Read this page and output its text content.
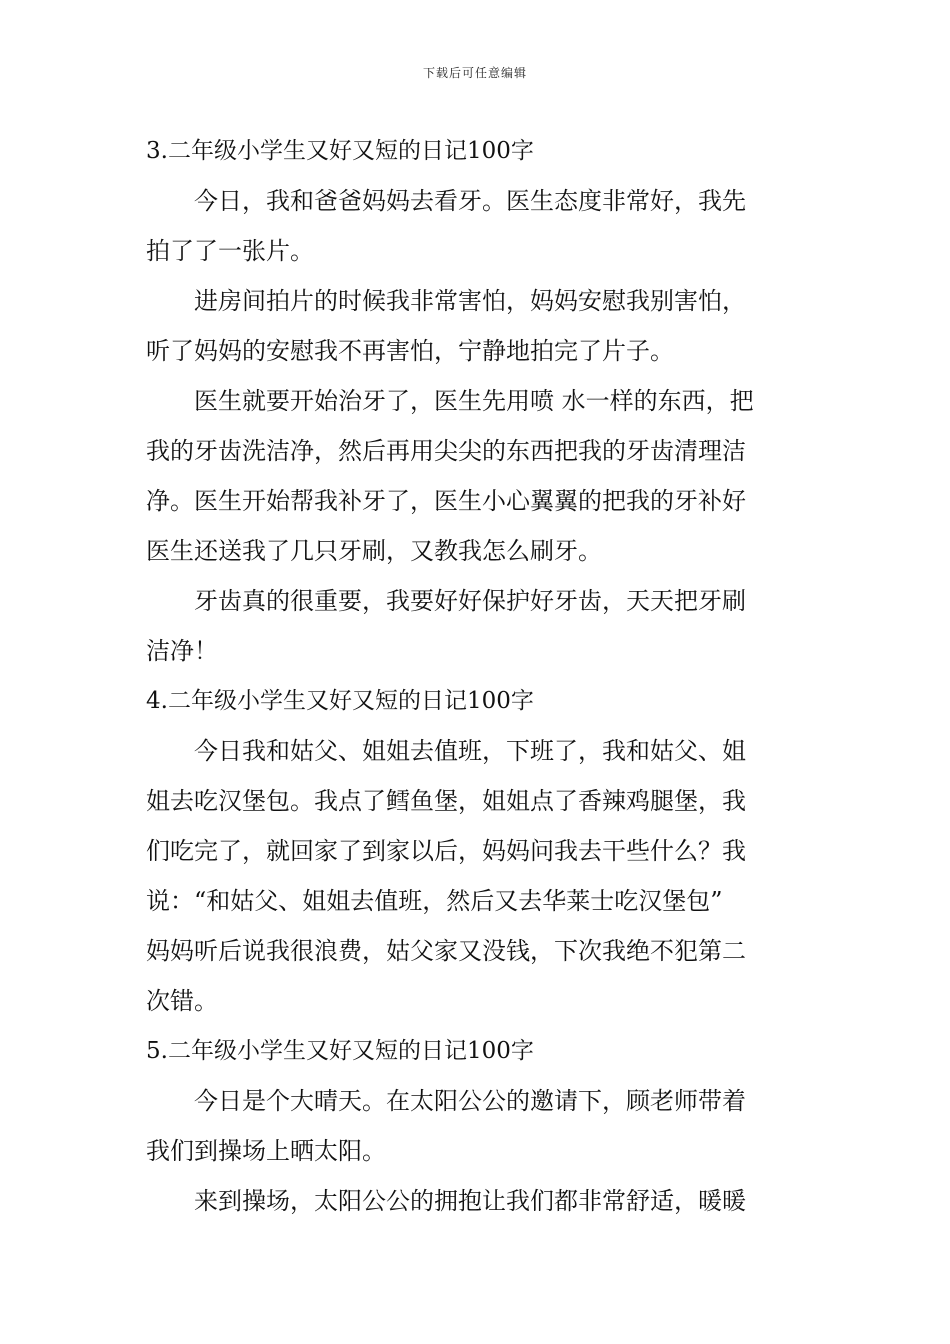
下载后可任意编辑

3.二年级小学生又好又短的日记100字

今日，我和爸爸妈妈去看牙。医生态度非常好，我先
拍了了一张片。

进房间拍片的时候我非常害怕，妈妈安慰我别害怕，
听了妈妈的安慰我不再害怕，宁静地拍完了片子。

医生就要开始治牙了，医生先用喷 水一样的东西，把
我的牙齿洗洁净，然后再用尖尖的东西把我的牙齿清理洁
净。医生开始帮我补牙了，医生小心翼翼的把我的牙补好
医生还送我了几只牙刷，又教我怎么刷牙。

牙齿真的很重要，我要好好保护好牙齿，天天把牙刷
洁净！

4.二年级小学生又好又短的日记100字

今日我和姑父、姐姐去值班，下班了，我和姑父、姐
姐去吃汉堡包。我点了鳕鱼堡，姐姐点了香辣鸡腿堡，我
们吃完了，就回家了到家以后，妈妈问我去干些什么？我
说：“和姑父、姐姐去值班，然后又去华莱士吃汉堡包”
妈妈听后说我很浪费，姑父家又没钱，下次我绝不犯第二
次错。

5.二年级小学生又好又短的日记100字

今日是个大晴天。在太阳公公的邀请下，顾老师带着
我们到操场上晒太阳。

来到操场，太阳公公的拥抱让我们都非常舒适，暖暖
